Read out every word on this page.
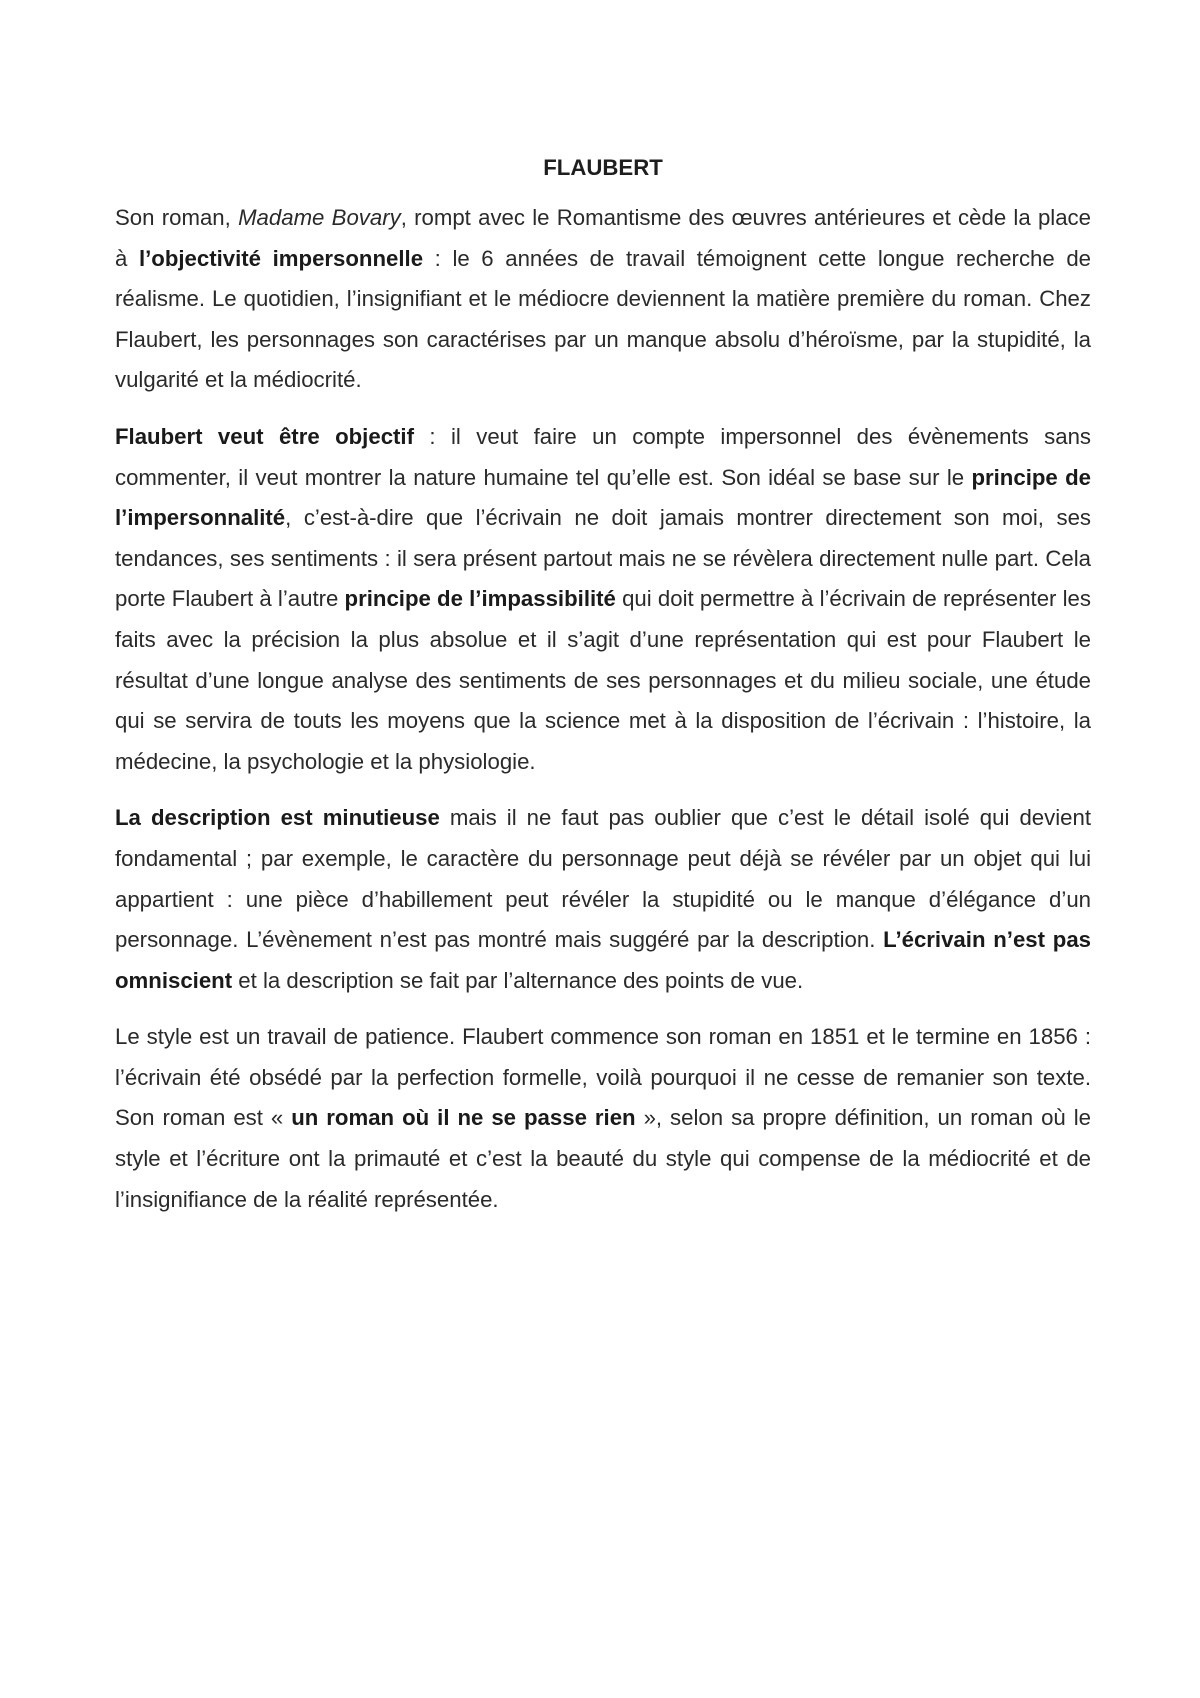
FLAUBERT

Son roman, Madame Bovary, rompt avec le Romantisme des œuvres antérieures et cède la place à l’objectivité impersonnelle : le 6 années de travail témoignent cette longue recherche de réalisme. Le quotidien, l’insignifiant et le médiocre deviennent la matière première du roman. Chez Flaubert, les personnages son caractérises par un manque absolu d’héroïsme, par la stupidité, la vulgarité et la médiocrité.

Flaubert veut être objectif : il veut faire un compte impersonnel des évènements sans commenter, il veut montrer la nature humaine tel qu’elle est. Son idéal se base sur le principe de l’impersonnalité, c’est-à-dire que l’écrivain ne doit jamais montrer directement son moi, ses tendances, ses sentiments : il sera présent partout mais ne se révèlera directement nulle part. Cela porte Flaubert à l’autre principe de l’impassibilité qui doit permettre à l’écrivain de représenter les faits avec la précision la plus absolue et il s’agit d’une représentation qui est pour Flaubert le résultat d’une longue analyse des sentiments de ses personnages et du milieu sociale, une étude qui se servira de touts les moyens que la science met à la disposition de l’écrivain : l’histoire, la médecine, la psychologie et la physiologie.

La description est minutieuse mais il ne faut pas oublier que c’est le détail isolé qui devient fondamental ; par exemple, le caractère du personnage peut déjà se révéler par un objet qui lui appartient : une pièce d’habillement peut révéler la stupidité ou le manque d’élégance d’un personnage. L’évènement n’est pas montré mais suggéré par la description. L’écrivain n’est pas omniscient et la description se fait par l’alternance des points de vue.

Le style est un travail de patience. Flaubert commence son roman en 1851 et le termine en 1856 : l’écrivain été obsédé par la perfection formelle, voilà pourquoi il ne cesse de remanier son texte. Son roman est « un roman où il ne se passe rien », selon sa propre définition, un roman où le style et l’écriture ont la primauté et c’est la beauté du style qui compense de la médiocrité et de l’insignifiance de la réalité représentée.
